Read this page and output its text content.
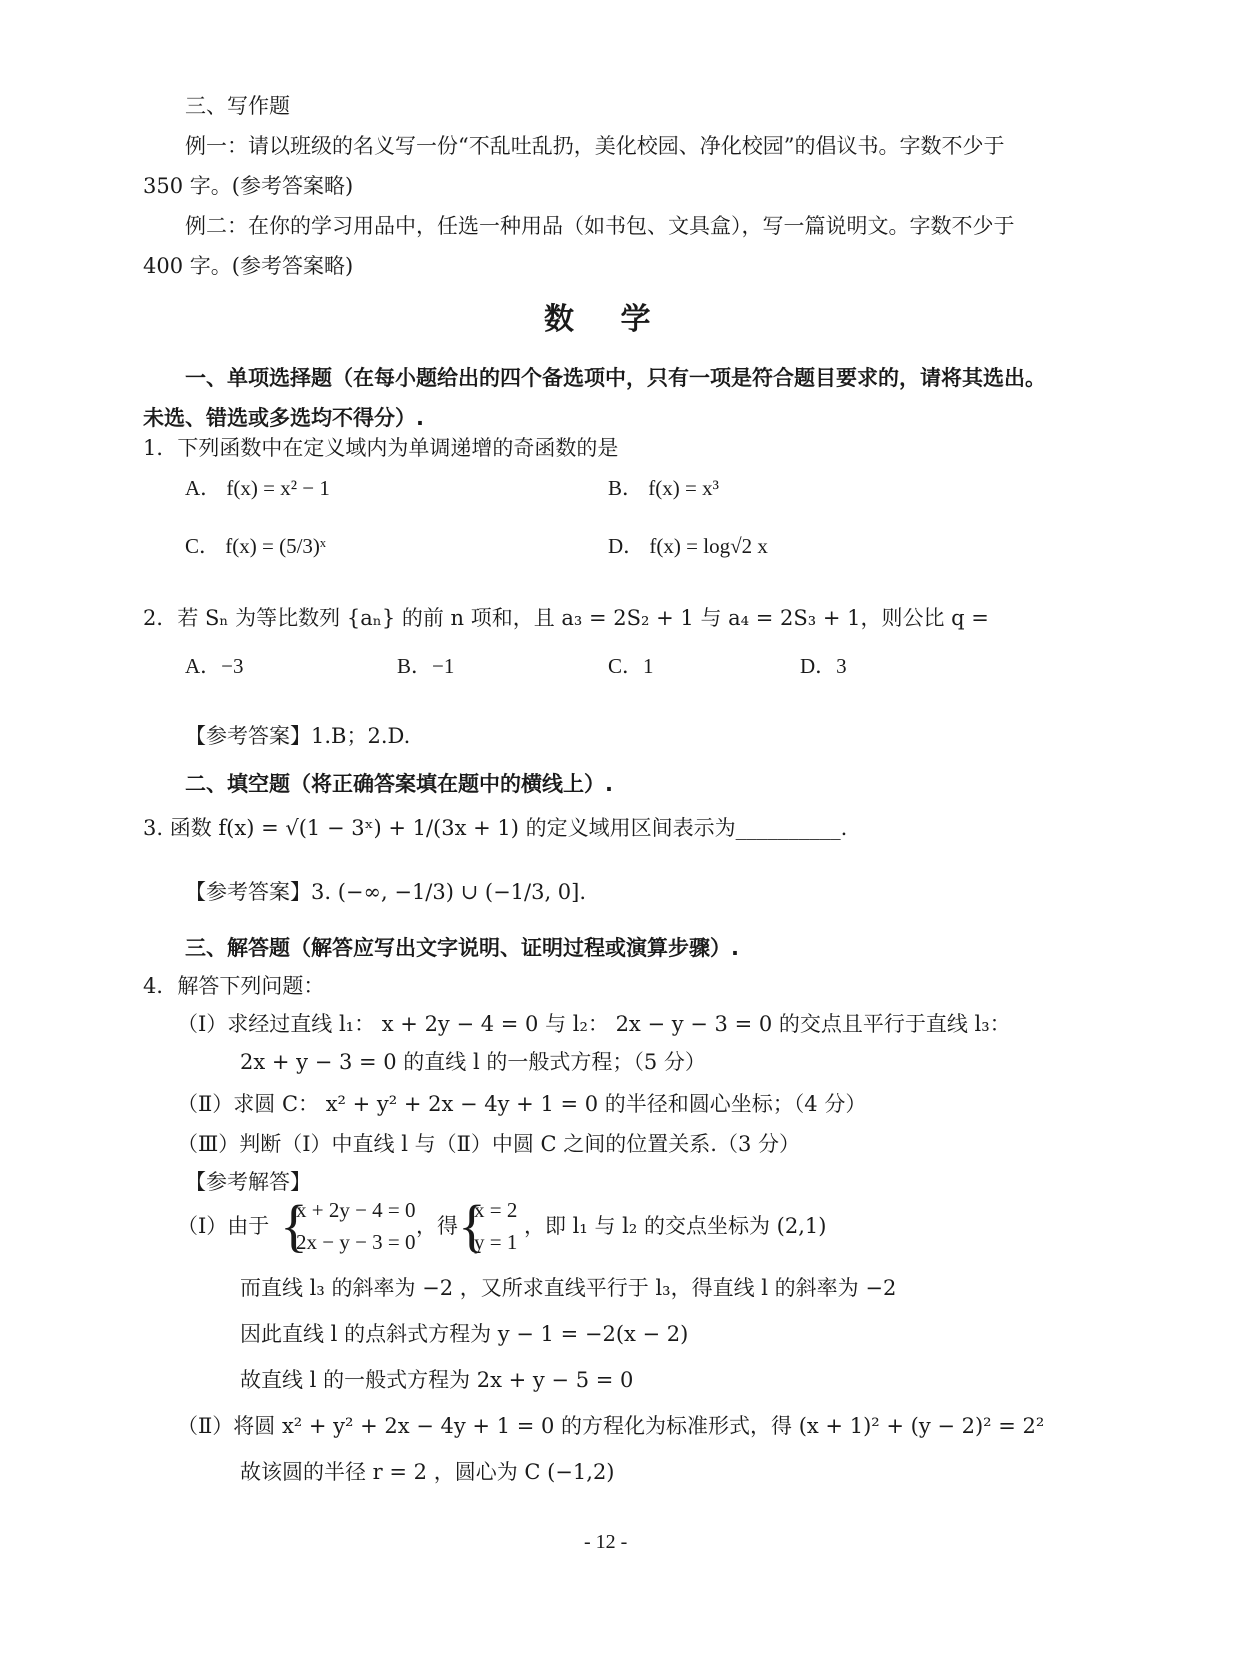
三、写作题
例一：请以班级的名义写一份“不乱吐乱扔，美化校园、净化校园”的倡议书。字数不少于
350 字。(参考答案略)
例二：在你的学习用品中，任选一种用品（如书包、文具盒），写一篇说明文。字数不少于
400 字。(参考答案略)
数 学
一、单项选择题（在每小题给出的四个备选项中，只有一项是符合题目要求的，请将其选出。
未选、错选或多选均不得分）.
1．下列函数中在定义域内为单调递增的奇函数的是
A． f(x) = x² − 1	B． f(x) = x³
C． f(x) = (5/3)ˣ	D． f(x) = log√2 x
2．若 Sₙ 为等比数列 {aₙ} 的前 n 项和，且 a₃ = 2S₂ + 1 与 a₄ = 2S₃ + 1，则公比 q =
A．−3	B．−1	C．1	D．3
【参考答案】1.B；2.D.
二、填空题（将正确答案填在题中的横线上）.
3. 函数 f(x) = √(1 − 3ˣ) + 1/(3x + 1) 的定义域用区间表示为__________.
【参考答案】3. (−∞, −1/3) ∪ (−1/3, 0].
三、解答题（解答应写出文字说明、证明过程或演算步骤）.
4．解答下列问题：
（Ⅰ）求经过直线 l₁： x + 2y − 4 = 0 与 l₂： 2x − y − 3 = 0 的交点且平行于直线 l₃：
2x + y − 3 = 0 的直线 l 的一般式方程；（5 分）
（Ⅱ）求圆 C： x² + y² + 2x − 4y + 1 = 0 的半径和圆心坐标；（4 分）
（Ⅲ）判断（Ⅰ）中直线 l 与（Ⅱ）中圆 C 之间的位置关系.（3 分）
【参考解答】
（Ⅰ）由于 {
x + 2y − 4 = 0
2x − y − 3 = 0
，得 {
x = 2
y = 1
，即 l₁ 与 l₂ 的交点坐标为 (2,1)
而直线 l₃ 的斜率为 −2 ，又所求直线平行于 l₃，得直线 l 的斜率为 −2
因此直线 l 的点斜式方程为 y − 1 = −2(x − 2)
故直线 l 的一般式方程为 2x + y − 5 = 0
（Ⅱ）将圆 x² + y² + 2x − 4y + 1 = 0 的方程化为标准形式，得 (x + 1)² + (y − 2)² = 2²
故该圆的半径 r = 2 ，圆心为 C (−1,2)
- 12 -
